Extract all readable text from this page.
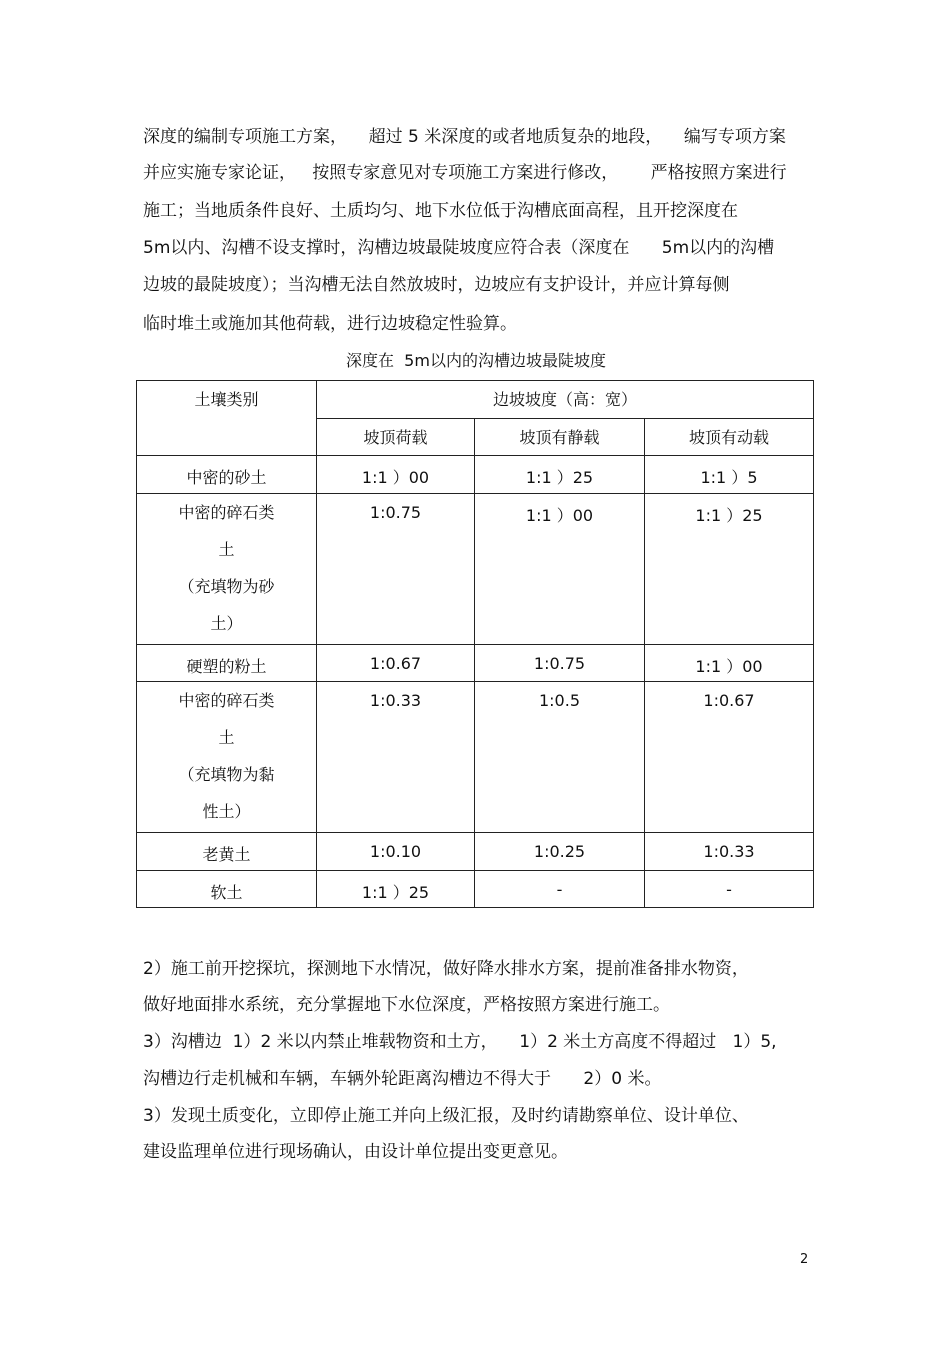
深度的编制专项施工方案，    超过 5 米深度的或者地质复杂的地段，    编写专项方案
并应实施专家论证，   按照专家意见对专项施工方案进行修改，      严格按照方案进行
施工；当地质条件良好、土质均匀、地下水位低于沟槽底面高程，且开挖深度在
5m以内、沟槽不设支撑时，沟槽边坡最陡坡度应符合表（深度在      5m以内的沟槽
边坡的最陡坡度）；当沟槽无法自然放坡时，边坡应有支护设计，并应计算每侧
临时堆土或施加其他荷载，进行边坡稳定性验算。
深度在  5m以内的沟槽边坡最陡坡度
土壤类别	边坡坡度（高：宽）		
	坡顶荷载	坡顶有静载	坡顶有动载
中密的砂土	1:1 ）00	1:1 ）25	1:1 ）5

中密的碎石类
土
（充填物为砂
土）	1:0.75	1:1 ）00	1:1 ）25
硬塑的粉土	1:0.67	1:0.75	1:1 ）00

中密的碎石类
土
（充填物为黏
性土）	1:0.33	1:0.5	1:0.67
老黄土	1:0.10	1:0.25	1:0.33
软土	1:1 ）25	-	-
2）施工前开挖探坑，探测地下水情况，做好降水排水方案，提前准备排水物资，
做好地面排水系统，充分掌握地下水位深度，严格按照方案进行施工。
3）沟槽边  1）2 米以内禁止堆载物资和土方，    1）2 米土方高度不得超过   1）5,
沟槽边行走机械和车辆，车辆外轮距离沟槽边不得大于      2）0 米。
3）发现土质变化，立即停止施工并向上级汇报，及时约请勘察单位、设计单位、
建设监理单位进行现场确认，由设计单位提出变更意见。
2
